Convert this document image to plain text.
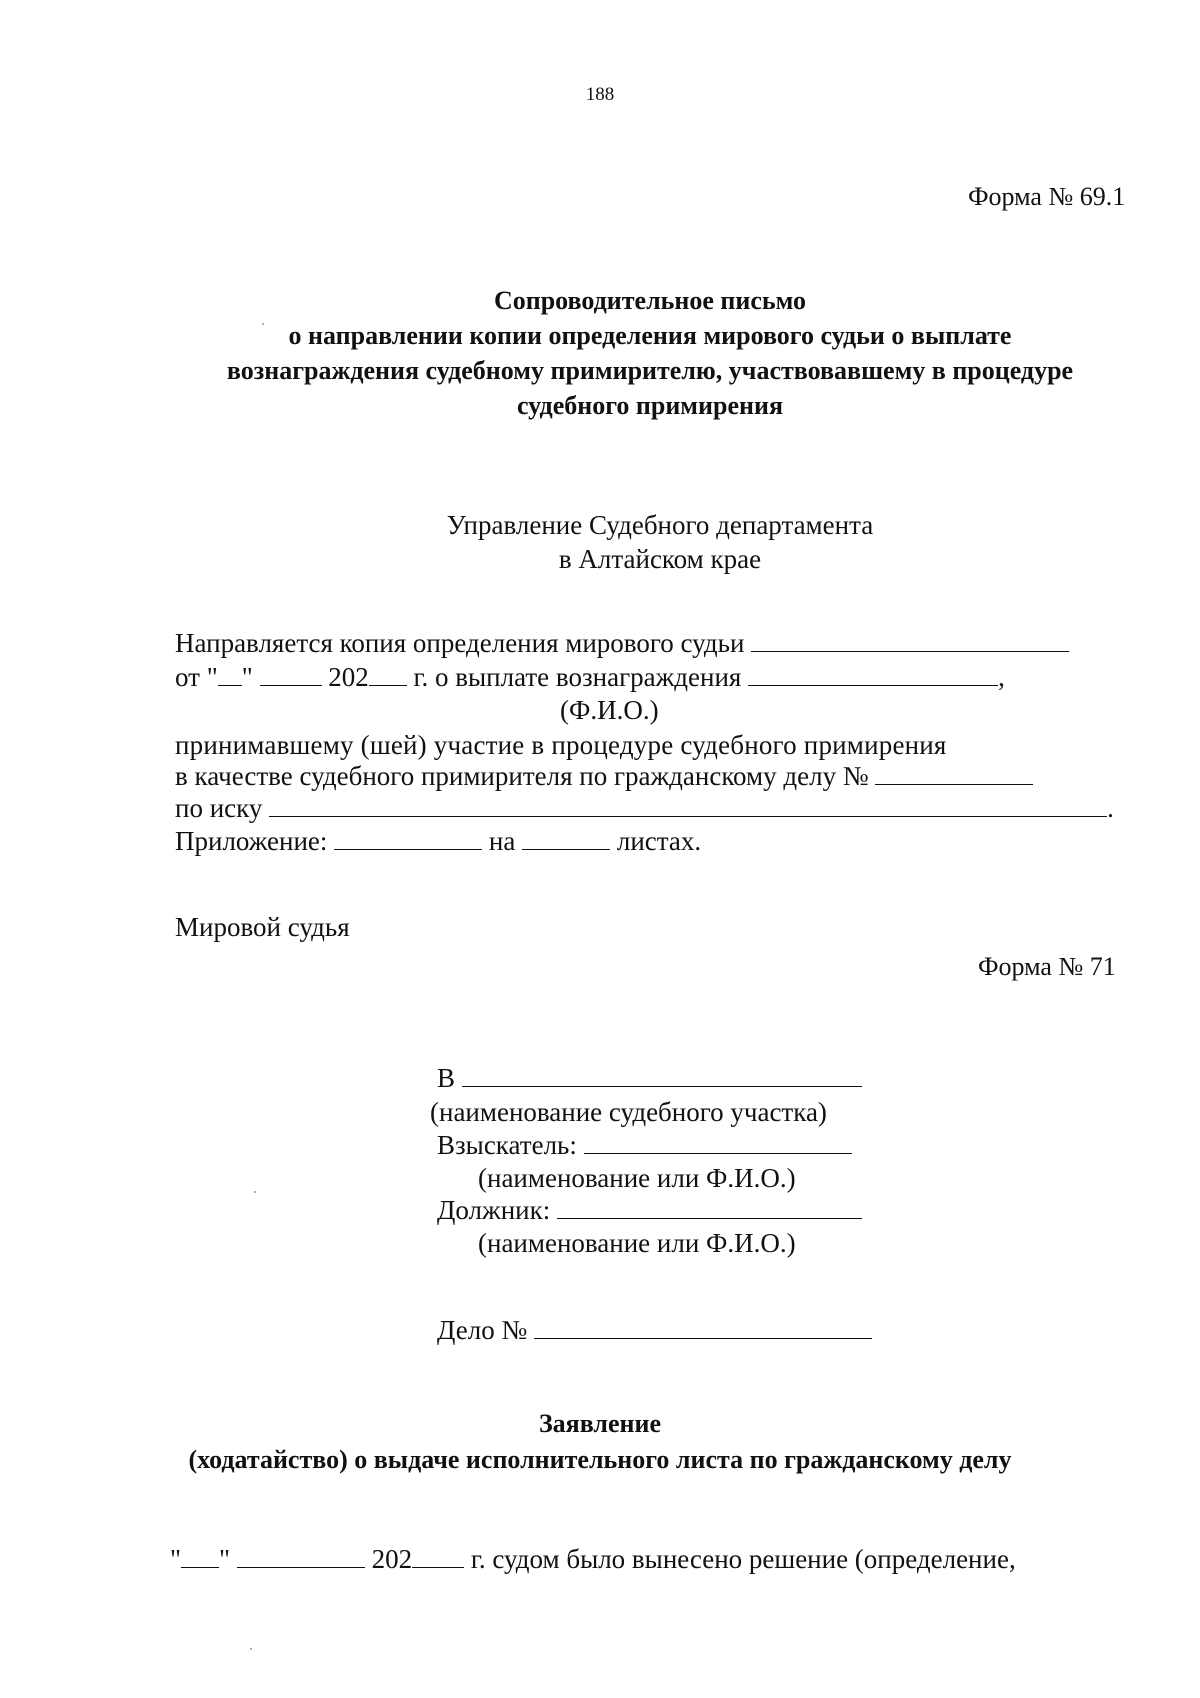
188
Форма № 69.1
Сопроводительное письмо
о направлении копии определения мирового судьи о выплате
вознаграждения судебному примирителю, участвовавшему в процедуре
судебного примирения
Управление Судебного департамента
в Алтайском крае
Направляется копия определения мирового судьи
от " "	202 г. о выплате вознаграждения	,
(Ф.И.О.)
принимавшему (шей) участие в процедуре судебного примирения
в качестве судебного примирителя по гражданскому делу №
по иску	.
Приложение:	на	листах.
Мировой судья
Форма № 71
В
(наименование судебного участка)
Взыскатель:
(наименование или Ф.И.О.)
Должник:
(наименование или Ф.И.О.)
Дело №
Заявление
(ходатайство) о выдаче исполнительного листа по гражданскому делу
" "	202 г. судом было вынесено решение (определение,
